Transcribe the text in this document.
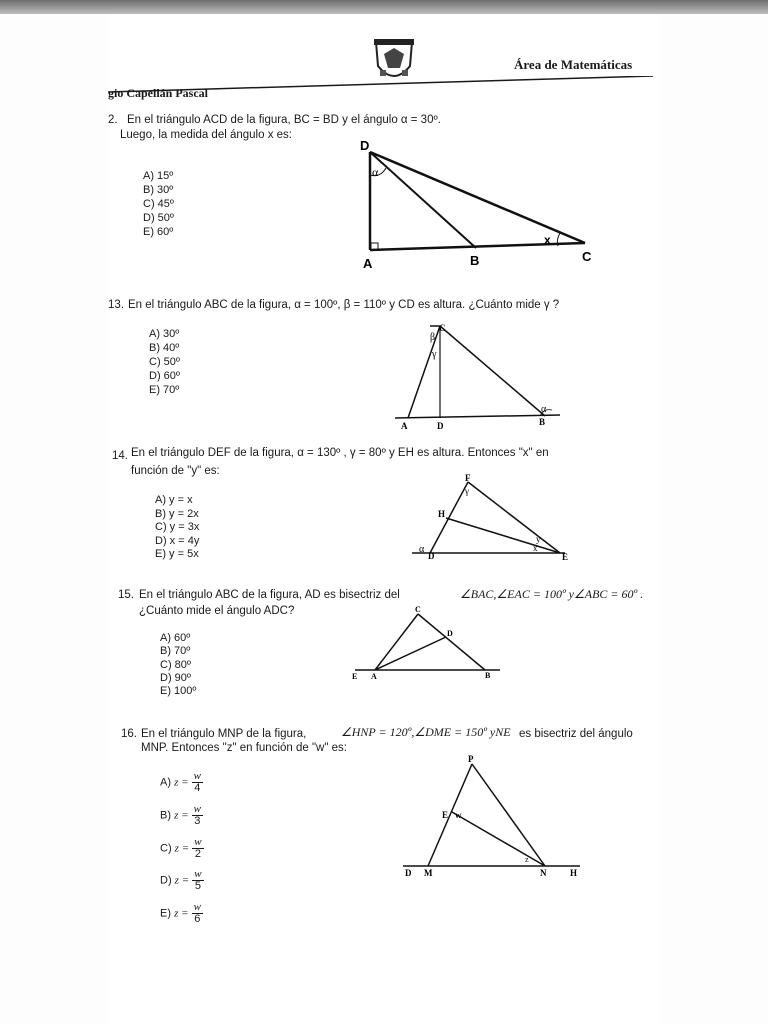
Área de Matemáticas
gio Capellán Pascal
2. En el triángulo ACD de la figura, BC = BD y el ángulo α = 30º.
Luego, la medida del ángulo x es:
A) 15º
B) 30º
C) 45º
D) 50º
E) 60º
D
A	B	C
α
x
13. En el triángulo ABC de la figura, α = 100º, β = 110º y CD es altura. ¿Cuánto mide γ ?
A) 30º
B) 40º
C) 50º
D) 60º
E) 70º
C
β
γ
A	D	B
α
14. En el triángulo DEF de la figura, α = 130º , γ = 80º y EH es altura. Entonces "x" en
función de "y" es:
A) y = x
B) y = 2x
C) y = 3x
D) x = 4y
E) y = 5x
F
γ
H
D
α
E
y
x
15. En el triángulo ABC de la figura, AD es bisectriz del	∠BAC,∠EAC = 100º y∠ABC = 60º .
¿Cuánto mide el ángulo ADC?
A) 60º
B) 70º
C) 80º
D) 90º
E) 100º
C
D
E A	B
16. En el triángulo MNP de la figura,	∠HNP = 120º,∠DME = 150º yNE es bisectriz del ángulo
MNP. Entonces "z" en función de "w" es:
A) $z = \frac{w}{4}$
B) $z = \frac{w}{3}$
C) $z = \frac{w}{2}$
D) $z = \frac{w}{5}$
E) $z = \frac{w}{6}$
P
E w
z
D M	N	H
